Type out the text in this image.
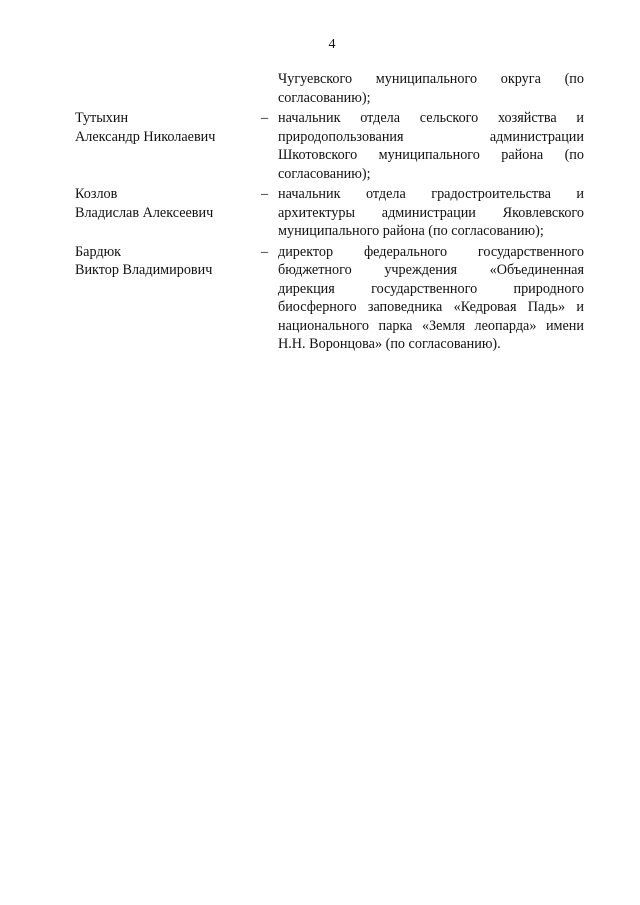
4
Чугуевского муниципального округа (по
согласованию);
Тутыхин
Александр Николаевич
– начальник отдела сельского хозяйства и
природопользования администрации
Шкотовского муниципального района (по
согласованию);
Козлов
Владислав Алексеевич
– начальник отдела градостроительства и
архитектуры администрации Яковлевского
муниципального района (по согласованию);
Бардюк
Виктор Владимирович
– директор федерального государственного
бюджетного учреждения «Объединенная
дирекция государственного природного
биосферного заповедника «Кедровая Падь» и
национального парка «Земля леопарда» имени
Н.Н. Воронцова» (по согласованию).
